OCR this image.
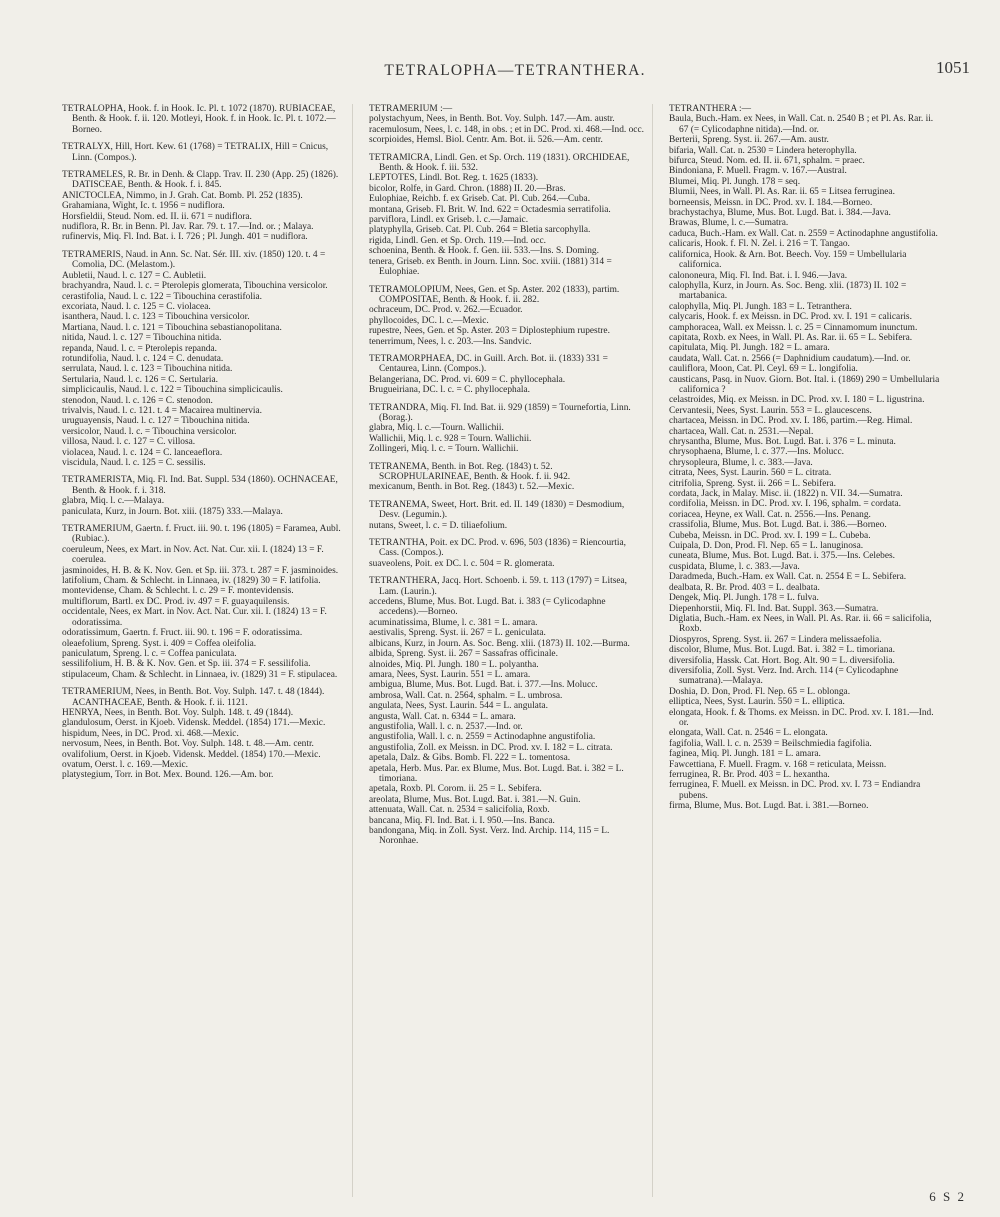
TETRALOPHA—TETRANTHERA.	1051
TETRALOPHA, Hook. f. in Hook. Ic. Pl. t. 1072 (1870). RUBIACEAE, Benth. & Hook. f. ii. 120. Motleyi, Hook. f. in Hook. Ic. Pl. t. 1072.—Borneo.
TETRALYX, Hill, Hort. Kew. 61 (1768) = TETRALIX, Hill = Cnicus, Linn. (Compos.).
TETRAMELES, R. Br. in Denh. & Clapp. Trav. II. 230 (App. 25) (1826). DATISCEAE, Benth. & Hook. f. i. 845.
ANICTOCLEA, Nimmo, in J. Grah. Cat. Bomb. Pl. 252 (1835).
Grahamiana, Wight, Ic. t. 1956 = nudiflora.
Horsfieldii, Steud. Nom. ed. II. ii. 671 = nudiflora.
nudiflora, R. Br. in Benn. Pl. Jav. Rar. 79. t. 17.—Ind. or. ; Malaya.
rufinervis, Miq. Fl. Ind. Bat. i. I. 726 ; Pl. Jungh. 401 = nudiflora.
TETRAMERIS, Naud. in Ann. Sc. Nat. Sér. III. xiv. (1850) 120. t. 4 = Comolia, DC. (Melastom.).
Aubletii, Naud. l. c. 127 = C. Aubletii.
brachyandra, Naud. l. c. = Pterolepis glomerata, Tibouchina versicolor.
cerastifolia, Naud. l. c. 122 = Tibouchina cerastifolia.
excoriata, Naud. l. c. 125 = C. violacea.
isanthera, Naud. l. c. 123 = Tibouchina versicolor.
Martiana, Naud. l. c. 121 = Tibouchina sebastianopolitana.
nitida, Naud. l. c. 127 = Tibouchina nitida.
repanda, Naud. l. c. = Pterolepis repanda.
rotundifolia, Naud. l. c. 124 = C. denudata.
serrulata, Naud. l. c. 123 = Tibouchina nitida.
Sertularia, Naud. l. c. 126 = C. Sertularia.
simplicicaulis, Naud. l. c. 122 = Tibouchina simplicicaulis.
stenodon, Naud. l. c. 126 = C. stenodon.
trivalvis, Naud. l. c. 121. t. 4 = Macairea multinervia.
uruguayensis, Naud. l. c. 127 = Tibouchina nitida.
versicolor, Naud. l. c. = Tibouchina versicolor.
villosa, Naud. l. c. 127 = C. villosa.
violacea, Naud. l. c. 124 = C. lanceaeflora.
viscidula, Naud. l. c. 125 = C. sessilis.
TETRAMERISTA, Miq. Fl. Ind. Bat. Suppl. 534 (1860). OCHNACEAE, Benth. & Hook. f. i. 318.
glabra, Miq. l. c.—Malaya.
paniculata, Kurz, in Journ. Bot. xiii. (1875) 333.—Malaya.
TETRAMERIUM, Gaertn. f. Fruct. iii. 90. t. 196 (1805) = Faramea, Aubl. (Rubiac.).
coeruleum, Nees, ex Mart. in Nov. Act. Nat. Cur. xii. I. (1824) 13 = F. coerulea.
jasminoides, H. B. & K. Nov. Gen. et Sp. iii. 373. t. 287 = F. jasminoides.
latifolium, Cham. & Schlecht. in Linnaea, iv. (1829) 30 = F. latifolia.
montevidense, Cham. & Schlecht. l. c. 29 = F. montevidensis.
multiflorum, Bartl. ex DC. Prod. iv. 497 = F. guayaquilensis.
occidentale, Nees, ex Mart. in Nov. Act. Nat. Cur. xii. I. (1824) 13 = F. odoratissima.
odoratissimum, Gaertn. f. Fruct. iii. 90. t. 196 = F. odoratissima.
oleaefolium, Spreng. Syst. i. 409 = Coffea oleifolia.
paniculatum, Spreng. l. c. = Coffea paniculata.
sessilifolium, H. B. & K. Nov. Gen. et Sp. iii. 374 = F. sessilifolia.
stipulaceum, Cham. & Schlecht. in Linnaea, iv. (1829) 31 = F. stipulacea.
TETRAMERIUM, Nees, in Benth. Bot. Voy. Sulph. 147. t. 48 (1844). ACANTHACEAE, Benth. & Hook. f. ii. 1121.
HENRYA, Nees, in Benth. Bot. Voy. Sulph. 148. t. 49 (1844).
glandulosum, Oerst. in Kjoeb. Vidensk. Meddel. (1854) 171.—Mexic.
hispidum, Nees, in DC. Prod. xi. 468.—Mexic.
nervosum, Nees, in Benth. Bot. Voy. Sulph. 148. t. 48.—Am. centr.
ovalifolium, Oerst. in Kjoeb. Vidensk. Meddel. (1854) 170.—Mexic.
ovatum, Oerst. l. c. 169.—Mexic.
platystegium, Torr. in Bot. Mex. Bound. 126.—Am. bor.
TETRAMERIUM :—
polystachyum, Nees, in Benth. Bot. Voy. Sulph. 147.—Am. austr.
racemulosum, Nees, l. c. 148, in obs. ; et in DC. Prod. xi. 468.—Ind. occ.
scorpioides, Hemsl. Biol. Centr. Am. Bot. ii. 526.—Am. centr.
TETRAMICRA, Lindl. Gen. et Sp. Orch. 119 (1831). ORCHIDEAE, Benth. & Hook. f. iii. 532.
LEPTOTES, Lindl. Bot. Reg. t. 1625 (1833).
bicolor, Rolfe, in Gard. Chron. (1888) II. 20.—Bras.
Eulophiae, Reichb. f. ex Griseb. Cat. Pl. Cub. 264.—Cuba.
montana, Griseb. Fl. Brit. W. Ind. 622 = Octadesmia serratifolia.
parviflora, Lindl. ex Griseb. l. c.—Jamaic.
platyphylla, Griseb. Cat. Pl. Cub. 264 = Bletia sarcophylla.
rigida, Lindl. Gen. et Sp. Orch. 119.—Ind. occ.
schoenina, Benth. & Hook. f. Gen. iii. 533.—Ins. S. Doming.
tenera, Griseb. ex Benth. in Journ. Linn. Soc. xviii. (1881) 314 = Eulophiae.
TETRAMOLOPIUM, Nees, Gen. et Sp. Aster. 202 (1833), partim. COMPOSITAE, Benth. & Hook. f. ii. 282.
ochraceum, DC. Prod. v. 262.—Ecuador.
phyllocoides, DC. l. c.—Mexic.
rupestre, Nees, Gen. et Sp. Aster. 203 = Diplostephium rupestre.
tenerrimum, Nees, l. c. 203.—Ins. Sandvic.
TETRAMORPHAEA, DC. in Guill. Arch. Bot. ii. (1833) 331 = Centaurea, Linn. (Compos.).
Belangeriana, DC. Prod. vi. 609 = C. phyllocephala.
Brugueiriana, DC. l. c. = C. phyllocephala.
TETRANDRA, Miq. Fl. Ind. Bat. ii. 929 (1859) = Tournefortia, Linn. (Borag.).
glabra, Miq. l. c.—Tourn. Wallichii.
Wallichii, Miq. l. c. 928 = Tourn. Wallichii.
Zollingeri, Miq. l. c. = Tourn. Wallichii.
TETRANEMA, Benth. in Bot. Reg. (1843) t. 52. SCROPHULARINEAE, Benth. & Hook. f. ii. 942.
mexicanum, Benth. in Bot. Reg. (1843) t. 52.—Mexic.
TETRANEMA, Sweet, Hort. Brit. ed. II. 149 (1830) = Desmodium, Desv. (Legumin.).
nutans, Sweet, l. c. = D. tiliaefolium.
TETRANTHA, Poit. ex DC. Prod. v. 696, 503 (1836) = Riencourtia, Cass. (Compos.).
suaveolens, Poit. ex DC. l. c. 504 = R. glomerata.
TETRANTHERA, Jacq. Hort. Schoenb. i. 59. t. 113 (1797) = Litsea, Lam. (Laurin.).
accedens, Blume, Mus. Bot. Lugd. Bat. i. 383 (= Cylicodaphne accedens).—Borneo.
acuminatissima, Blume, l. c. 381 = L. amara.
aestivalis, Spreng. Syst. ii. 267 = L. geniculata.
albicans, Kurz, in Journ. As. Soc. Beng. xlii. (1873) II. 102.—Burma.
albida, Spreng. Syst. ii. 267 = Sassafras officinale.
alnoides, Miq. Pl. Jungh. 180 = L. polyantha.
amara, Nees, Syst. Laurin. 551 = L. amara.
ambigua, Blume, Mus. Bot. Lugd. Bat. i. 377.—Ins. Molucc.
ambrosa, Wall. Cat. n. 2564, sphalm. = L. umbrosa.
angulata, Nees, Syst. Laurin. 544 = L. angulata.
angusta, Wall. Cat. n. 6344 = L. amara.
angustifolia, Wall. l. c. n. 2537.—Ind. or.
angustifolia, Wall. l. c. n. 2559 = Actinodaphne angustifolia.
angustifolia, Zoll. ex Meissn. in DC. Prod. xv. I. 182 = L. citrata.
apetala, Dalz. & Gibs. Bomb. Fl. 222 = L. tomentosa.
apetala, Herb. Mus. Par. ex Blume, Mus. Bot. Lugd. Bat. i. 382 = L. timoriana.
apetala, Roxb. Pl. Corom. ii. 25 = L. Sebifera.
areolata, Blume, Mus. Bot. Lugd. Bat. i. 381.—N. Guin.
attenuata, Wall. Cat. n. 2534 = salicifolia, Roxb.
bancana, Miq. Fl. Ind. Bat. i. I. 950.—Ins. Banca.
bandongana, Miq. in Zoll. Syst. Verz. Ind. Archip. 114, 115 = L. Noronhae.
TETRANTHERA :—
Baula, Buch.-Ham. ex Nees, in Wall. Cat. n. 2540 B ; et Pl. As. Rar. ii. 67 (= Cylicodaphne nitida).—Ind. or.
Berterii, Spreng. Syst. ii. 267.—Am. austr.
bifaria, Wall. Cat. n. 2530 = Lindera heterophylla.
bifurca, Steud. Nom. ed. II. ii. 671, sphalm. = praec.
Bindoniana, F. Muell. Fragm. v. 167.—Austral.
Blumei, Miq. Pl. Jungh. 178 = seq.
Blumii, Nees, in Wall. Pl. As. Rar. ii. 65 = Litsea ferruginea.
borneensis, Meissn. in DC. Prod. xv. I. 184.—Borneo.
brachystachya, Blume, Mus. Bot. Lugd. Bat. i. 384.—Java.
Brawas, Blume, l. c.—Sumatra.
caduca, Buch.-Ham. ex Wall. Cat. n. 2559 = Actinodaphne angustifolia.
calicaris, Hook. f. Fl. N. Zel. i. 216 = T. Tangao.
californica, Hook. & Arn. Bot. Beech. Voy. 159 = Umbellularia californica.
calononeura, Miq. Fl. Ind. Bat. i. I. 946.—Java.
calophylla, Kurz, in Journ. As. Soc. Beng. xlii. (1873) II. 102 = martabanica.
calophylla, Miq. Pl. Jungh. 183 = L. Tetranthera.
calycaris, Hook. f. ex Meissn. in DC. Prod. xv. I. 191 = calicaris.
camphoracea, Wall. ex Meissn. l. c. 25 = Cinnamomum inunctum.
capitata, Roxb. ex Nees, in Wall. Pl. As. Rar. ii. 65 = L. Sebifera.
capitulata, Miq. Pl. Jungh. 182 = L. amara.
caudata, Wall. Cat. n. 2566 (= Daphnidium caudatum).—Ind. or.
cauliflora, Moon, Cat. Pl. Ceyl. 69 = L. longifolia.
causticans, Pasq. in Nuov. Giorn. Bot. Ital. i. (1869) 290 = Umbellularia californica ?
celastroides, Miq. ex Meissn. in DC. Prod. xv. I. 180 = L. ligustrina.
Cervantesii, Nees, Syst. Laurin. 553 = L. glaucescens.
chartacea, Meissn. in DC. Prod. xv. I. 186, partim.—Reg. Himal.
chartacea, Wall. Cat. n. 2531.—Nepal.
chrysantha, Blume, Mus. Bot. Lugd. Bat. i. 376 = L. minuta.
chrysophaena, Blume, l. c. 377.—Ins. Molucc.
chrysopleura, Blume, l. c. 383.—Java.
citrata, Nees, Syst. Laurin. 560 = L. citrata.
citrifolia, Spreng. Syst. ii. 266 = L. Sebifera.
cordata, Jack, in Malay. Misc. ii. (1822) n. VII. 34.—Sumatra.
cordifolia, Meissn. in DC. Prod. xv. I. 196, sphalm. = cordata.
coriacea, Heyne, ex Wall. Cat. n. 2556.—Ins. Penang.
crassifolia, Blume, Mus. Bot. Lugd. Bat. i. 386.—Borneo.
Cubeba, Meissn. in DC. Prod. xv. I. 199 = L. Cubeba.
Cuipala, D. Don, Prod. Fl. Nep. 65 = L. lanuginosa.
cuneata, Blume, Mus. Bot. Lugd. Bat. i. 375.—Ins. Celebes.
cuspidata, Blume, l. c. 383.—Java.
Daradmeda, Buch.-Ham. ex Wall. Cat. n. 2554 E = L. Sebifera.
dealbata, R. Br. Prod. 403 = L. dealbata.
Dengek, Miq. Pl. Jungh. 178 = L. fulva.
Diepenhorstii, Miq. Fl. Ind. Bat. Suppl. 363.—Sumatra.
Diglatia, Buch.-Ham. ex Nees, in Wall. Pl. As. Rar. ii. 66 = salicifolia, Roxb.
Diospyros, Spreng. Syst. ii. 267 = Lindera melissaefolia.
discolor, Blume, Mus. Bot. Lugd. Bat. i. 382 = L. timoriana.
diversifolia, Hassk. Cat. Hort. Bog. Alt. 90 = L. diversifolia.
diversifolia, Zoll. Syst. Verz. Ind. Arch. 114 (= Cylicodaphne sumatrana).—Malaya.
Doshia, D. Don, Prod. Fl. Nep. 65 = L. oblonga.
elliptica, Nees, Syst. Laurin. 550 = L. elliptica.
elongata, Hook. f. & Thoms. ex Meissn. in DC. Prod. xv. I. 181.—Ind. or.
elongata, Wall. Cat. n. 2546 = L. elongata.
fagifolia, Wall. l. c. n. 2539 = Beilschmiedia fagifolia.
faginea, Miq. Pl. Jungh. 181 = L. amara.
Fawcettiana, F. Muell. Fragm. v. 168 = reticulata, Meissn.
ferruginea, R. Br. Prod. 403 = L. hexantha.
ferruginea, F. Muell. ex Meissn. in DC. Prod. xv. I. 73 = Endiandra pubens.
firma, Blume, Mus. Bot. Lugd. Bat. i. 381.—Borneo.
6 S 2
